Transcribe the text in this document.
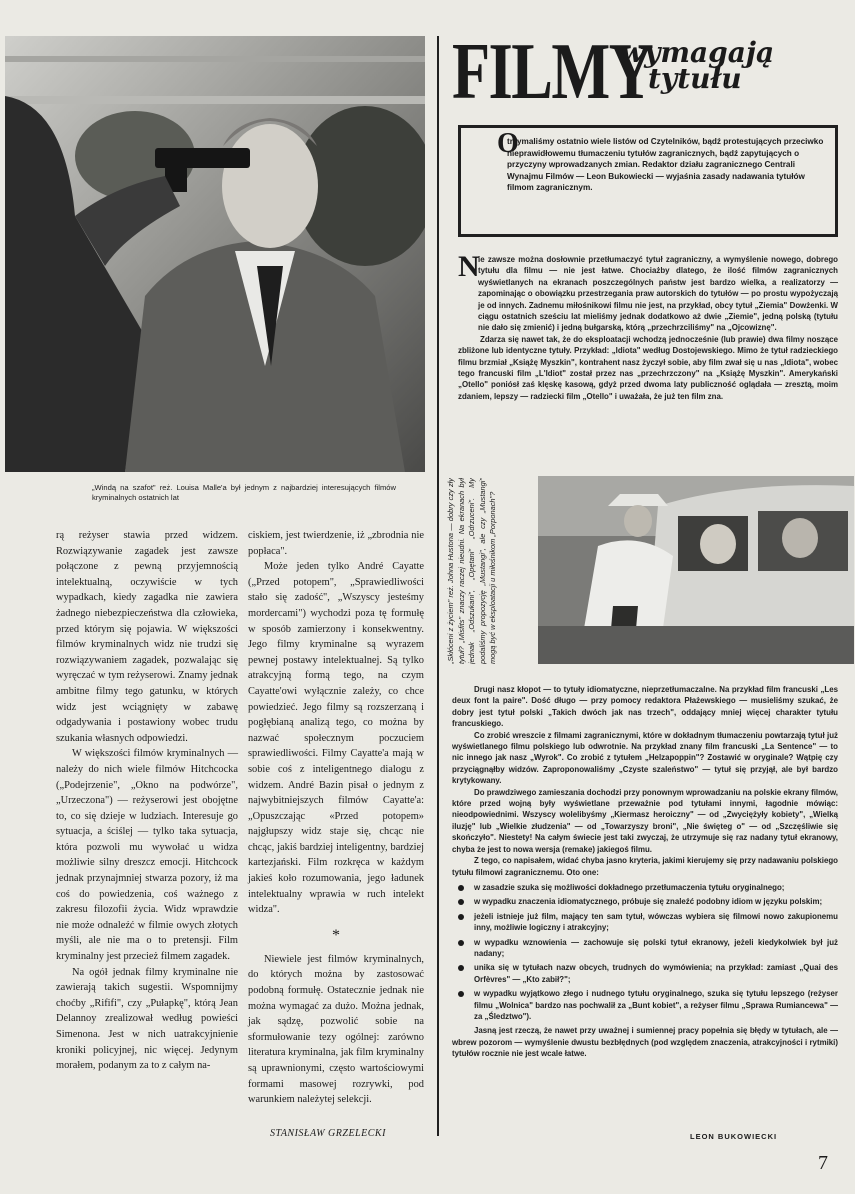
„Windą na szafot" reż. Louisa Malle'a był jednym z najbardziej interesujących filmów kryminalnych ostatnich lat

rą reżyser stawia przed widzem. Rozwiązywanie zagadek jest zawsze połączone z pewną przyjemnością intelektualną, oczywiście w tych wypadkach, kiedy zagadka nie zawiera żadnego niebezpieczeństwa dla człowieka, przed którym się pojawia. W większości filmów kryminalnych widz nie trudzi się rozwiązywaniem zagadek, pozwalając się wyręczać w tym reżyserowi. Znamy jednak ambitne filmy tego gatunku, w których widz jest wciągnięty w zabawę odgadywania i postawiony wobec trudu szukania własnych odpowiedzi.

W większości filmów kryminalnych — należy do nich wiele filmów Hitchcocka („Podejrzenie", „Okno na podwórze", „Urzeczona") — reżyserowi jest obojętne to, co się dzieje w ludziach. Interesuje go sytuacja, a ściślej — tylko taka sytuacja, która pozwoli mu wywołać u widza możliwie silny dreszcz emocji. Hitchcock jednak przynajmniej stwarza pozory, iż ma coś do powiedzenia, coś ważnego z zakresu filozofii życia. Widz wprawdzie nie może odnaleźć w filmie owych złotych myśli, ale nie ma o to pretensji. Film kryminalny jest przecież filmem zagadek.

Na ogół jednak filmy kryminalne nie zawierają takich sugestii. Wspomnijmy choćby „Rififi", czy „Pułapkę", którą Jean Delannoy zrealizował według powieści Simenona. Jest w nich uatrakcyjnienie kroniki policyjnej, nic więcej. Jedynym morałem, podanym za to z całym na-

ciskiem, jest twierdzenie, iż „zbrodnia nie popłaca".

Może jeden tylko André Cayatte („Przed potopem", „Sprawiedliwości stało się zadość", „Wszyscy jesteśmy mordercami") wychodzi poza tę formułę w sposób zamierzony i konsekwentny. Jego filmy kryminalne są wyrazem pewnej postawy intelektualnej. Są tylko atrakcyjną formą tego, na czym Cayatte'owi wyłącznie zależy, co chce powiedzieć. Jego filmy są rozszerzaną i pogłębianą analizą tego, co można by nazwać społecznym poczuciem sprawiedliwości. Filmy Cayatte'a mają w sobie coś z inteligentnego dialogu z widzem. André Bazin pisał o jednym z najwybitniejszych filmów Cayatte'a: „Opuszczając «Przed potopem» najgłupszy widz staje się, chcąc nie chcąc, jakiś bardziej inteligentny, bardziej kartezjański. Film rozkręca w każdym jakieś koło rozumowania, jego ładunek intelektualny wprawia w ruch intelekt widza".

*

Niewiele jest filmów kryminalnych, do których można by zastosować podobną formułę. Ostatecznie jednak nie można wymagać za dużo. Można jednak, jak sądzę, pozwolić sobie na sformułowanie tezy ogólnej: zarówno literatura kryminalna, jak film kryminalny są uprawnionymi, często wartościowymi formami masowej rozrywki, pod warunkiem należytej selekcji.

STANISŁAW GRZELECKI
FILMY
wymagają
tytułu
O
trzymaliśmy ostatnio wiele listów od Czytelników, bądź protestujących przeciwko nieprawidłowemu tłumaczeniu tytułów zagranicznych, bądź zapytujących o przyczyny wprowadzanych zmian. Redaktor działu zagranicznego Centrali Wynajmu Filmów — Leon Bukowiecki — wyjaśnia zasady nadawania tytułów filmom zagranicznym.
N

ie zawsze można dosłownie przetłumaczyć tytuł zagraniczny, a wymyślenie nowego, dobrego tytułu dla filmu — nie jest łatwe. Chociażby dlatego, że ilość filmów zagranicznych wyświetlanych na ekranach poszczególnych państw jest bardzo wielka, a realizatorzy — zapominając o obowiązku przestrzegania praw autorskich do tytułów — po prostu wypożyczają je od innych. Zadnemu miłośnikowi filmu nie jest, na przykład, obcy tytuł „Ziemia" Dowżenki. W ciągu ostatnich sześciu lat mieliśmy jednak dodatkowo aż dwie „Ziemie", jedną polską (tytułu nie dało się zmienić) i jedną bułgarską, którą „przechrzciliśmy" na „Ojcowiznę".

Zdarza się nawet tak, że do eksploatacji wchodzą jednocześnie (lub prawie) dwa filmy noszące zbliżone lub identyczne tytuły. Przykład: „Idiota" według Dostojewskiego. Mimo że tytuł radzieckiego filmu brzmiał „Książę Myszkin", kontrahent nasz życzył sobie, aby film zwał się u nas „Idiota", wobec tego francuski film „L'Idiot" został przez nas „przechrzczony" na „Książę Myszkin". Amerykański „Otello" poniósł zaś klęskę kasową, gdyż przed dwoma laty publiczność oglądała — zresztą, moim zdaniem, lepszy — radziecki film „Otello" i uważała, że już ten film zna.

„Skłóceni z życiem" reż. Johna Hustona — dobry czy zły tytuł? „Misfits" znaczy raczej nieudni. Na ekranach był jednak „Odszukani", „Opętani" „Odrzuceni". My podaliśmy propozycję „Mustangi", ale czy „Mustangi" mogą być w eksploatacji u miłośnikom „Porponach"?

Drugi nasz kłopot — to tytuły idiomatyczne, nieprzetłumaczalne. Na przykład film francuski „Les deux font la paire". Dość długo — przy pomocy redaktora Płażewskiego — musieliśmy szukać, że dobry jest tytuł polski „Takich dwóch jak nas trzech", oddający mniej więcej charakter tytułu francuskiego.

Co zrobić wreszcie z filmami zagranicznymi, które w dokładnym tłumaczeniu powtarzają tytuł już wyświetlanego filmu polskiego lub odwrotnie. Na przykład znany film francuski „La Sentence" — to nic innego jak nasz „Wyrok". Co zrobić z tytułem „Helzapoppin"? Zostawić w oryginale? Wątpię czy przyciągnąłby widzów. Zaproponowaliśmy „Czyste szaleństwo" — tytuł się przyjął, ale był bardzo krytykowany.

Do prawdziwego zamieszania dochodzi przy ponownym wprowadzaniu na polskie ekrany filmów, które przed wojną były wyświetlane przeważnie pod tytułami innymi, łagodnie mówiąc: nieodpowiednimi. Wszyscy wolelibyśmy „Kiermasz heroiczny" — od „Zwyciężyły kobiety", „Wielką iluzję" lub „Wielkie złudzenia" — od „Towarzyszy broni", „Nie święteg o" — od „Szczęśliwie się skończyło". Niestety! Na całym świecie jest taki zwyczaj, że utrzymuje się raz nadany tytuł ekranowy, chyba że jest to nowa wersja (remake) jakiegoś filmu.

Z tego, co napisałem, widać chyba jasno kryteria, jakimi kierujemy się przy nadawaniu polskiego tytułu filmowi zagranicznemu. Oto one:

w zasadzie szuka się możliwości dokładnego przetłumaczenia tytułu oryginalnego;
w wypadku znaczenia idiomatycznego, próbuje się znaleźć podobny idiom w języku polskim;
jeżeli istnieje już film, mający ten sam tytuł, wówczas wybiera się filmowi nowo zakupionemu inny, możliwie logiczny i atrakcyjny;
w wypadku wznowienia — zachowuje się polski tytuł ekranowy, jeżeli kiedykolwiek był już nadany;
unika się w tytułach nazw obcych, trudnych do wymówienia; na przykład: zamiast „Quai des Orfèvres" — „Kto zabił?";
w wypadku wyjątkowo złego i nudnego tytułu oryginalnego, szuka się tytułu lepszego (reżyser filmu „Wolnica" bardzo nas pochwalił za „Bunt kobiet", a reżyser filmu „Sprawa Rumiancewa" — za „Śledztwo").

Jasną jest rzeczą, że nawet przy uważnej i sumiennej pracy popełnia się błędy w tytułach, ale — wbrew pozorom — wymyślenie dwustu bezbłędnych (pod względem znaczenia, atrakcyjności i rytmiki) tytułów rocznie nie jest wcale łatwe.

LEON BUKOWIECKI
7
